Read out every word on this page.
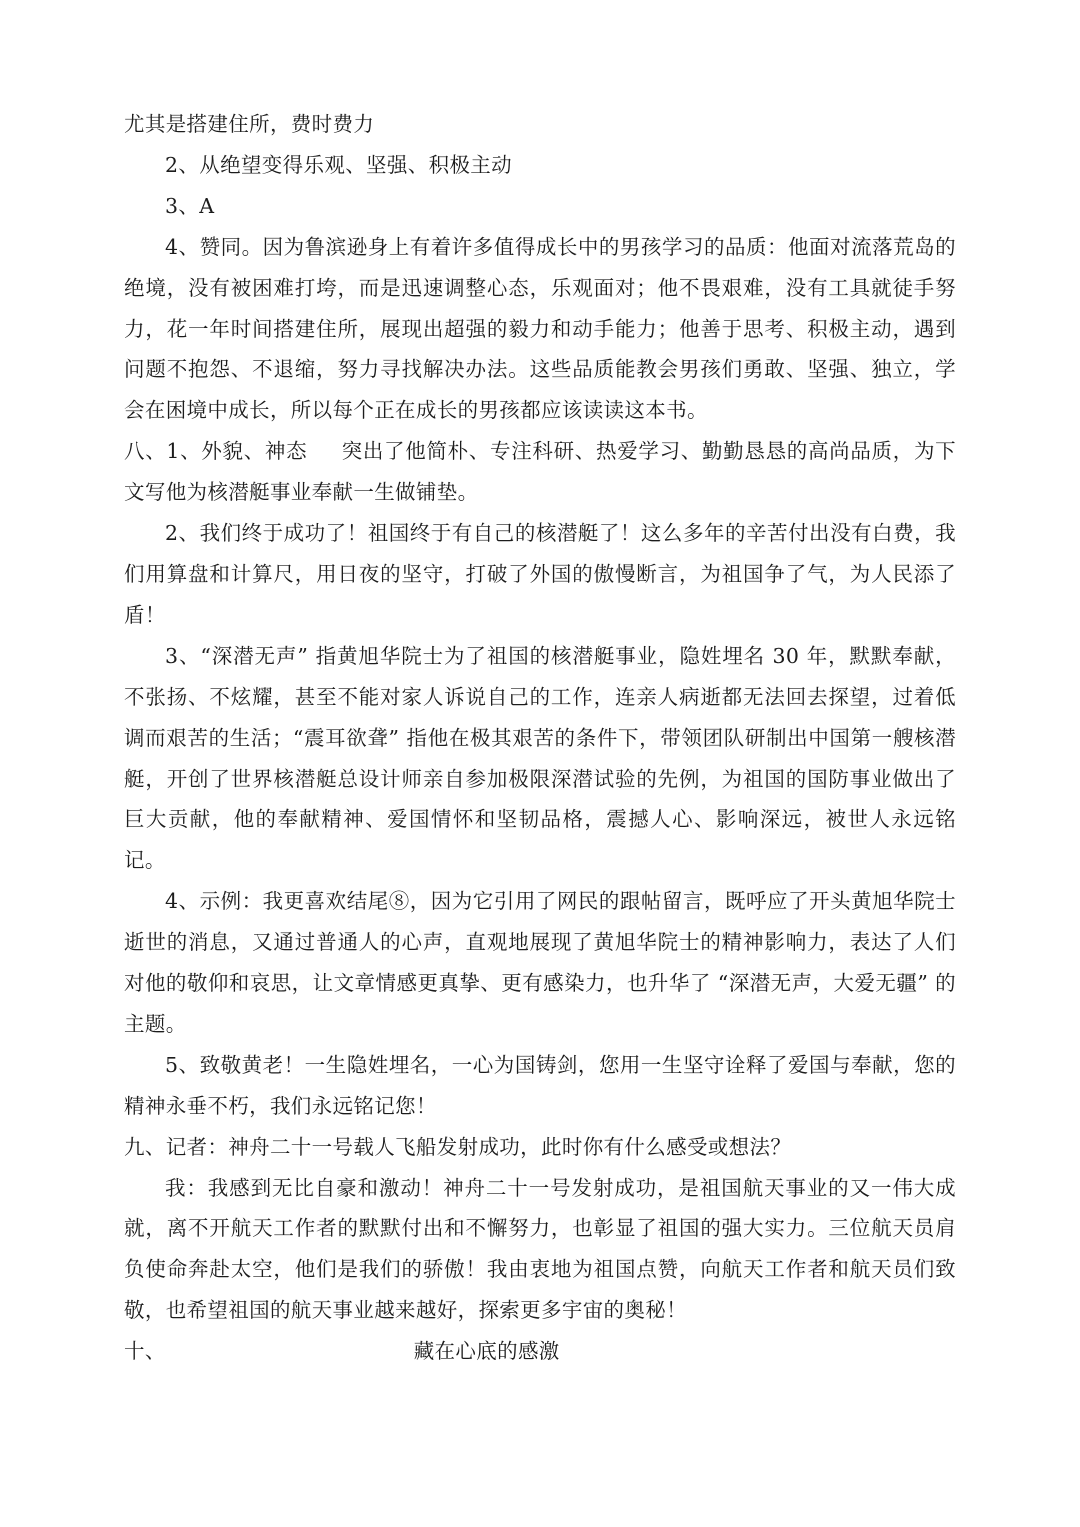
尤其是搭建住所，费时费力

2、从绝望变得乐观、坚强、积极主动

3、A

4、赞同。因为鲁滨逊身上有着许多值得成长中的男孩学习的品质：他面对流落荒岛的绝境，没有被困难打垮，而是迅速调整心态，乐观面对；他不畏艰难，没有工具就徒手努力，花一年时间搭建住所，展现出超强的毅力和动手能力；他善于思考、积极主动，遇到问题不抱怨、不退缩，努力寻找解决办法。这些品质能教会男孩们勇敢、坚强、独立，学会在困境中成长，所以每个正在成长的男孩都应该读读这本书。

八、1、外貌、神态 突出了他简朴、专注科研、热爱学习、勤勤恳恳的高尚品质，为下文写他为核潜艇事业奉献一生做铺垫。

2、我们终于成功了！祖国终于有自己的核潜艇了！这么多年的辛苦付出没有白费，我们用算盘和计算尺，用日夜的坚守，打破了外国的傲慢断言，为祖国争了气，为人民添了盾！

3、“深潜无声” 指黄旭华院士为了祖国的核潜艇事业，隐姓埋名 30 年，默默奉献，不张扬、不炫耀，甚至不能对家人诉说自己的工作，连亲人病逝都无法回去探望，过着低调而艰苦的生活；“震耳欲聋” 指他在极其艰苦的条件下，带领团队研制出中国第一艘核潜艇，开创了世界核潜艇总设计师亲自参加极限深潜试验的先例，为祖国的国防事业做出了巨大贡献，他的奉献精神、爱国情怀和坚韧品格，震撼人心、影响深远，被世人永远铭记。

4、示例：我更喜欢结尾⑧，因为它引用了网民的跟帖留言，既呼应了开头黄旭华院士逝世的消息，又通过普通人的心声，直观地展现了黄旭华院士的精神影响力，表达了人们对他的敬仰和哀思，让文章情感更真挚、更有感染力，也升华了 “深潜无声，大爱无疆” 的主题。

5、致敬黄老！一生隐姓埋名，一心为国铸剑，您用一生坚守诠释了爱国与奉献，您的精神永垂不朽，我们永远铭记您！

九、记者：神舟二十一号载人飞船发射成功，此时你有什么感受或想法？

我：我感到无比自豪和激动！神舟二十一号发射成功，是祖国航天事业的又一伟大成就，离不开航天工作者的默默付出和不懈努力，也彰显了祖国的强大实力。三位航天员肩负使命奔赴太空，他们是我们的骄傲！我由衷地为祖国点赞，向航天工作者和航天员们致敬，也希望祖国的航天事业越来越好，探索更多宇宙的奥秘！

十、	藏在心底的感激
